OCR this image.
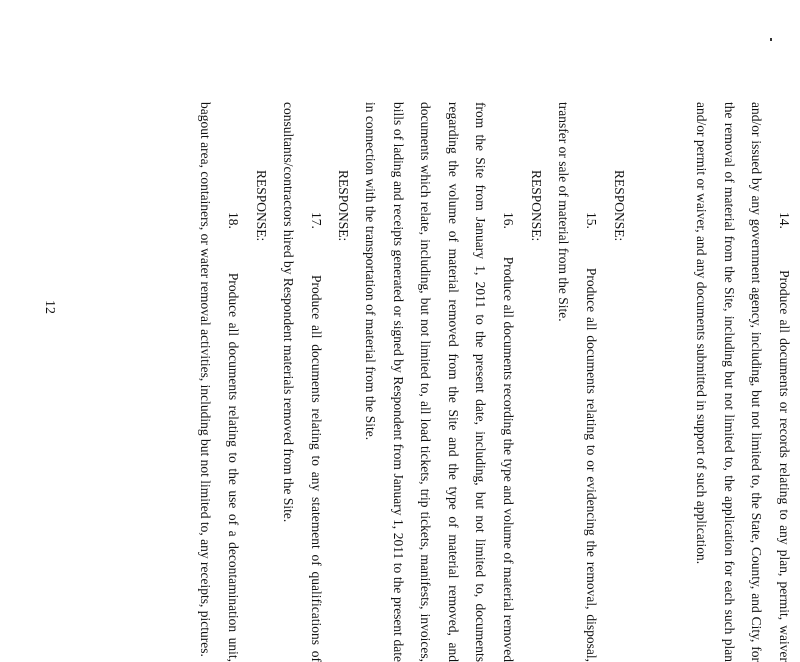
14.        Produce all documents or records relating to any plan, permit, waiver and/or issued by any government agency, including, but not limited to, the State, County, and City, for the removal of material from the Site, including but not limited to, the application for each such plan and/or permit or waiver, and any documents submitted in support of such application.

RESPONSE:

15.        Produce all documents relating to or evidencing the removal, disposal, transfer or sale of material from the Site.

RESPONSE:

16.        Produce all documents recording the type and volume of material removed from the Site from January 1, 2011 to the present date, including, but not limited to, documents regarding the volume of material removed from the Site and the type of material removed, and documents which relate, including, but not limited to, all load tickets, trip tickets, manifests, invoices, bills of lading and receipts generated or signed by Respondent from January 1, 2011 to the present date in connection with the transportation of material from the Site.

RESPONSE:

17.        Produce all documents relating to any statement of qualifications of consultants/contractors hired by Respondent materials removed from the Site.

RESPONSE:

18.        Produce all documents relating to the use of a decontamination unit, bagout area, containers, or water removal activities, including but not limited to, any receipts, pictures.

12
